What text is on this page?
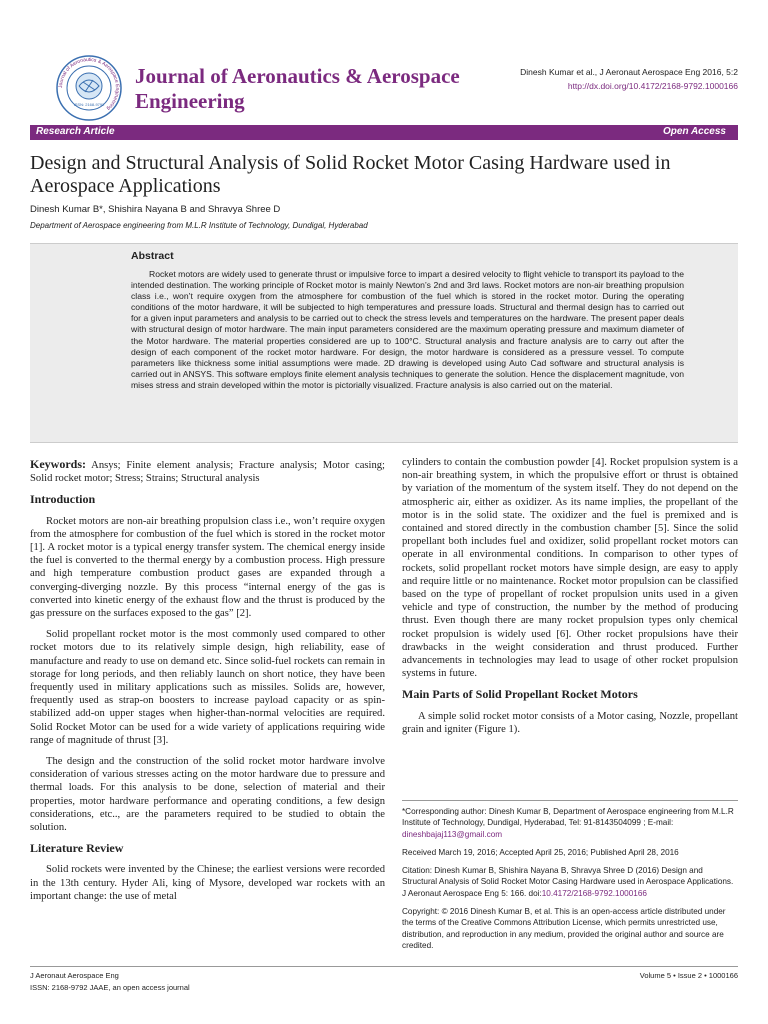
Journal of Aeronautics & Aerospace Engineering
ISSN: 2168-9792
Journal of Aeronautics & Aerospace Engineering
Dinesh Kumar et al., J Aeronaut Aerospace Eng 2016, 5:2
http://dx.doi.org/10.4172/2168-9792.1000166
Research Article	Open Access
Design and Structural Analysis of Solid Rocket Motor Casing Hardware used in Aerospace Applications
Dinesh Kumar B*, Shishira Nayana B and Shravya Shree D
Department of Aerospace engineering from M.L.R Institute of Technology, Dundigal, Hyderabad
Abstract

Rocket motors are widely used to generate thrust or impulsive force to impart a desired velocity to flight vehicle to transport its payload to the intended destination. The working principle of Rocket motor is mainly Newton’s 2nd and 3rd laws. Rocket motors are non-air breathing propulsion class i.e., won’t require oxygen from the atmosphere for combustion of the fuel which is stored in the rocket motor. During the operating conditions of the motor hardware, it will be subjected to high temperatures and pressure loads. Structural and thermal design has to carried out for a given input parameters and analysis to be carried out to check the stress levels and temperatures on the hardware. The present paper deals with structural design of motor hardware. The main input parameters considered are the maximum operating pressure and maximum diameter of the Motor hardware. The material properties considered are up to 100°C. Structural analysis and fracture analysis are to carry out after the design of each component of the rocket motor hardware. For design, the motor hardware is considered as a pressure vessel. To compute parameters like thickness some initial assumptions were made. 2D drawing is developed using Auto Cad software and structural analysis is carried out in ANSYS. This software employs finite element analysis techniques to generate the solution. Hence the displacement magnitude, von mises stress and strain developed within the motor is pictorially visualized. Fracture analysis is also carried out on the material.

Keywords: Ansys; Finite element analysis; Fracture analysis; Motor casing; Solid rocket motor; Stress; Strains; Structural analysis

Introduction

Rocket motors are non-air breathing propulsion class i.e., won’t require oxygen from the atmosphere for combustion of the fuel which is stored in the rocket motor [1]. A rocket motor is a typical energy transfer system. The chemical energy inside the fuel is converted to the thermal energy by a combustion process. High pressure and high temperature combustion product gases are expanded through a converging-diverging nozzle. By this process “internal energy of the gas is converted into kinetic energy of the exhaust flow and the thrust is produced by the gas pressure on the surfaces exposed to the gas” [2].

Solid propellant rocket motor is the most commonly used compared to other rocket motors due to its relatively simple design, high reliability, ease of manufacture and ready to use on demand etc. Since solid-fuel rockets can remain in storage for long periods, and then reliably launch on short notice, they have been frequently used in military applications such as missiles. Solids are, however, frequently used as strap-on boosters to increase payload capacity or as spin-stabilized add-on upper stages when higher-than-normal velocities are required. Solid Rocket Motor can be used for a wide variety of applications requiring wide range of magnitude of thrust [3].

The design and the construction of the solid rocket motor hardware involve consideration of various stresses acting on the motor hardware due to pressure and thermal loads. For this analysis to be done, selection of material and their properties, motor hardware performance and operating conditions, a few design considerations, etc.., are the parameters required to be studied to obtain the solution.

Literature Review

Solid rockets were invented by the Chinese; the earliest versions were recorded in the 13th century. Hyder Ali, king of Mysore, developed war rockets with an important change: the use of metal

cylinders to contain the combustion powder [4]. Rocket propulsion system is a non-air breathing system, in which the propulsive effort or thrust is obtained by variation of the momentum of the system itself. They do not depend on the atmospheric air, either as oxidizer. As its name implies, the propellant of the motor is in the solid state. The oxidizer and the fuel is premixed and is contained and stored directly in the combustion chamber [5]. Since the solid propellant both includes fuel and oxidizer, solid propellant rocket motors can operate in all environmental conditions. In comparison to other types of rockets, solid propellant rocket motors have simple design, are easy to apply and require little or no maintenance. Rocket motor propulsion can be classified based on the type of propellant of rocket propulsion units used in a given vehicle and type of construction, the number by the method of producing thrust. Even though there are many rocket propulsion types only chemical rocket propulsion is widely used [6]. Other rocket propulsions have their drawbacks in the weight consideration and thrust produced. Further advancements in technologies may lead to usage of other rocket propulsion systems in future.

Main Parts of Solid Propellant Rocket Motors

A simple solid rocket motor consists of a Motor casing, Nozzle, propellant grain and igniter (Figure 1).

*Corresponding author: Dinesh Kumar B, Department of Aerospace engineering from M.L.R Institute of Technology, Dundigal, Hyderabad, Tel: 91-8143504099 ; E-mail: dineshbajaj113@gmail.com

Received March 19, 2016; Accepted April 25, 2016; Published April 28, 2016

Citation: Dinesh Kumar B, Shishira Nayana B, Shravya Shree D (2016) Design and Structural Analysis of Solid Rocket Motor Casing Hardware used in Aerospace Applications. J Aeronaut Aerospace Eng 5: 166. doi:10.4172/2168-9792.1000166

Copyright: © 2016 Dinesh Kumar B, et al. This is an open-access article distributed under the terms of the Creative Commons Attribution License, which permits unrestricted use, distribution, and reproduction in any medium, provided the original author and source are credited.

J Aeronaut Aerospace Eng
ISSN: 2168-9792 JAAE, an open access journal
Volume 5 • Issue 2 • 1000166
